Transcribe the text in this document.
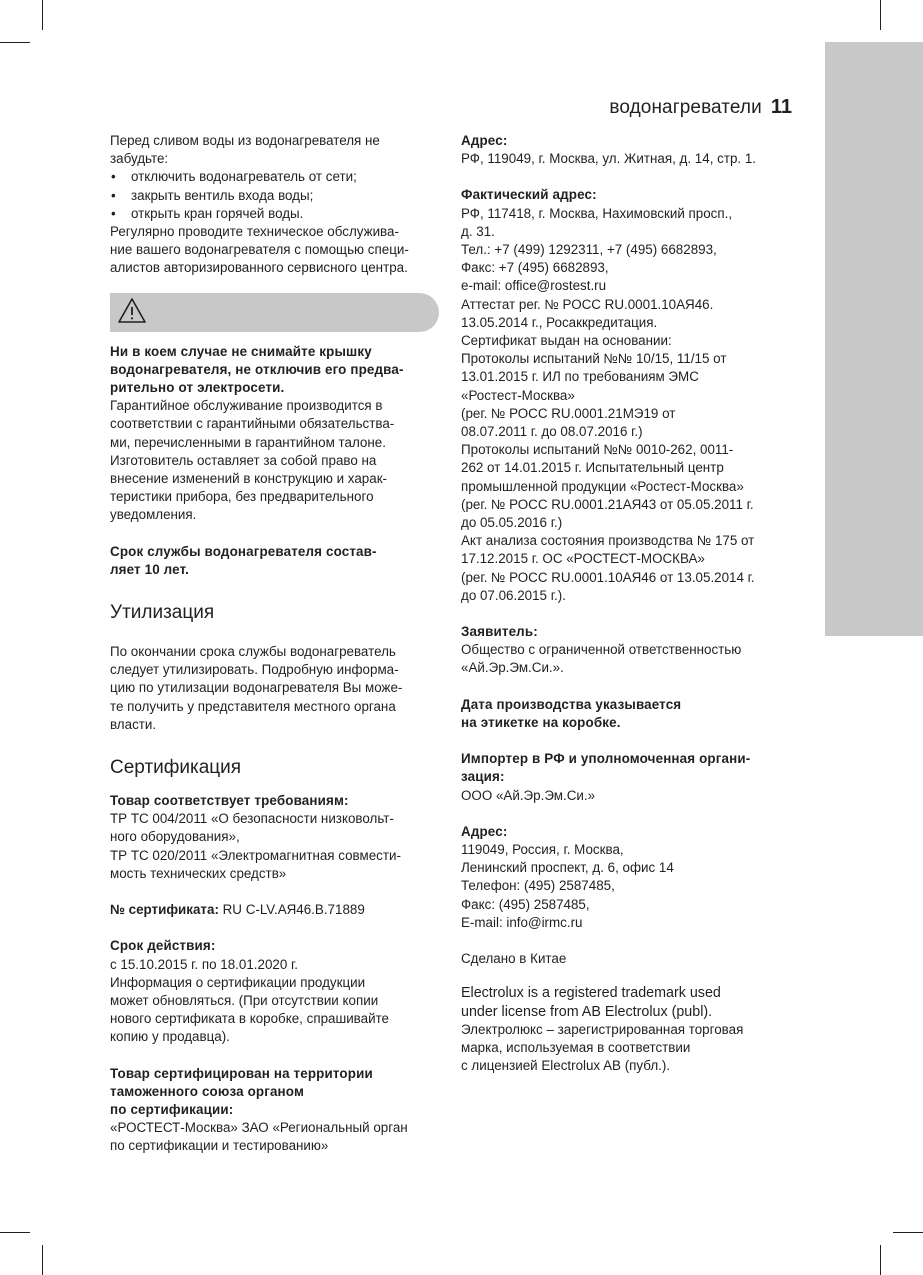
водонагреватели 11

Перед сливом воды из водонагревателя не забудьте:

• отключить водонагреватель от сети;
• закрыть вентиль входа воды;
• открыть кран горячей воды.

Регулярно проводите техническое обслужива-

ние вашего водонагревателя с помощью специ-

алистов авторизированного сервисного центра.

Ни в коем случае не снимайте крышку

водонагревателя, не отключив его предва-

рительно от электросети.

Гарантийное обслуживание производится в

соответствии с гарантийными обязательства-

ми, перечисленными в гарантийном талоне.

Изготовитель оставляет за собой право на

внесение изменений в конструкцию и харак-

теристики прибора, без предварительного

уведомления.

Срок службы водонагревателя состав-

ляет 10 лет.

Утилизация

По окончании срока службы водонагреватель

следует утилизировать. Подробную информа-

цию по утилизации водонагревателя Вы може-

те получить у представителя местного органа

власти.

Сертификация

Товар соответствует требованиям:

ТР ТС 004/2011 «О безопасности низковольт-

ного оборудования»,

ТР ТС 020/2011 «Электромагнитная совмести-

мость технических средств»

№ сертификата: RU С-LV.АЯ46.В.71889

Срок действия:

с 15.10.2015 г. по 18.01.2020 г.

Информация о сертификации продукции

может обновляться. (При отсутствии копии

нового сертификата в коробке, спрашивайте

копию у продавца).

Товар сертифицирован на территории

таможенного союза органом

по сертификации:

«РОСТЕСТ-Москва» ЗАО «Региональный орган

по сертификации и тестированию»

Адрес:

РФ, 119049, г. Москва, ул. Житная, д. 14, стр. 1.

Фактический адрес:

РФ, 117418, г. Москва, Нахимовский просп.,

д. 31.

Тел.: +7 (499) 1292311, +7 (495) 6682893,

Факс: +7 (495) 6682893,

e-mail: office@rostest.ru

Аттестат рег. № РОСС RU.0001.10АЯ46.

13.05.2014 г., Росаккредитация.

Сертификат выдан на основании:

Протоколы испытаний №№ 10/15, 11/15 от

13.01.2015 г. ИЛ по требованиям ЭМС

«Ростест-Москва»

(рег. № РОСС RU.0001.21МЭ19 от

08.07.2011 г. до 08.07.2016 г.)

Протоколы испытаний №№ 0010-262, 0011-

262 от 14.01.2015 г. Испытательный центр

промышленной продукции «Ростест-Москва»

(рег. № РОСС RU.0001.21АЯ43 от 05.05.2011 г.

до 05.05.2016 г.)

Акт анализа состояния производства № 175 от

17.12.2015 г. ОС «РОСТЕСТ-МОСКВА»

(рег. № РОСС RU.0001.10АЯ46 от 13.05.2014 г.

до 07.06.2015 г.).

Заявитель:

Общество с ограниченной ответственностью

«Ай.Эр.Эм.Си.».

Дата производства указывается

на этикетке на коробке.

Импортер в РФ и уполномоченная органи-

зация:

ООО «Ай.Эр.Эм.Си.»

Адрес:

119049, Россия, г. Москва,

Ленинский проспект, д. 6, офис 14

Телефон: (495) 2587485,

Факс: (495) 2587485,

E-mail: info@irmc.ru

Сделано в Китае

Electrolux is a registered trademark used

under license from AB Electrolux (publ).

Электролюкс – зарегистрированная торговая

марка, используемая в соответствии

с лицензией Electrolux AB (публ.).
